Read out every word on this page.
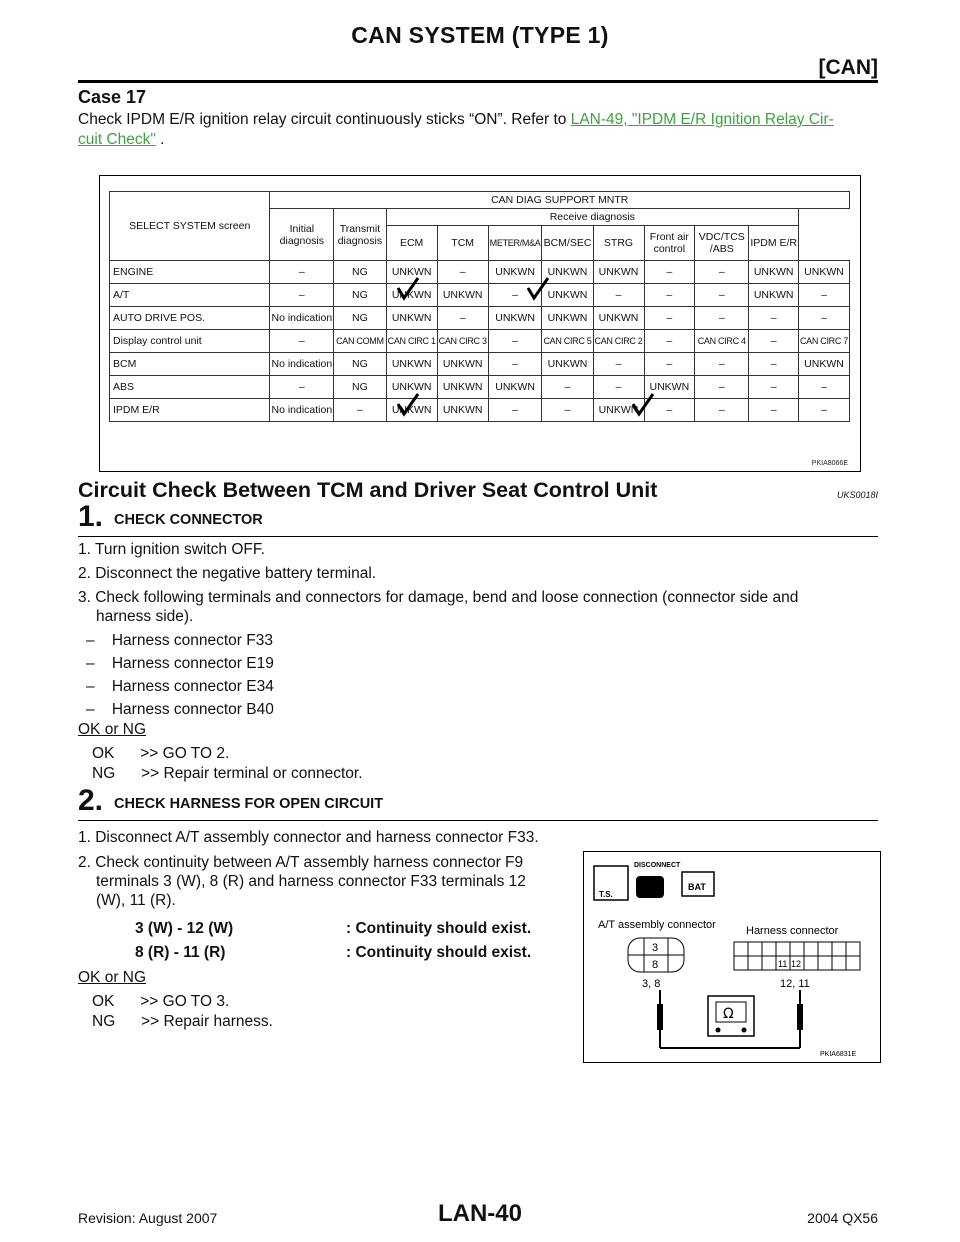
CAN SYSTEM (TYPE 1)
[CAN]
Case 17
Check IPDM E/R ignition relay circuit continuously sticks “ON”. Refer to LAN-49, "IPDM E/R Ignition Relay Cir-
cuit Check" .
SELECT SYSTEM screen	CAN DIAG SUPPORT MNTR										
	Initial diagnosis	Transmit diagnosis	Receive diagnosis								
			ECM	TCM	METER/M&A	BCM/SEC	STRG	Front air control	VDC/TCS /ABS	IPDM E/R	
ENGINE	–	NG	UNKWN	–	UNKWN	UNKWN	UNKWN	–	–	UNKWN	UNKWN
A/T	–	NG	UNKWN	UNKWN	–	UNKWN	–	–	–	UNKWN	–
AUTO DRIVE POS.	No indication	NG	UNKWN	–	UNKWN	UNKWN	UNKWN	–	–	–	–
Display control unit	–	CAN COMM	CAN CIRC 1	CAN CIRC 3	–	CAN CIRC 5	CAN CIRC 2	–	CAN CIRC 4	–	CAN CIRC 7
BCM	No indication	NG	UNKWN	UNKWN	–	UNKWN	–	–	–	–	UNKWN
ABS	–	NG	UNKWN	UNKWN	UNKWN	–	–	UNKWN	–	–	–
IPDM E/R	No indication	–	UNKWN	UNKWN	–	–	UNKWN	–	–	–	–
PKIA8066E
Circuit Check Between TCM and Driver Seat Control Unit	UKS0018I
1. CHECK CONNECTOR
1. Turn ignition switch OFF.
2. Disconnect the negative battery terminal.
3. Check following terminals and connectors for damage, bend and loose connection (connector side and
harness side).
–    Harness connector F33
–    Harness connector E19
–    Harness connector E34
–    Harness connector B40
OK or NG
OK      >> GO TO 2.
NG      >> Repair terminal or connector.
2. CHECK HARNESS FOR OPEN CIRCUIT
1. Disconnect A/T assembly connector and harness connector F33.
2. Check continuity between A/T assembly harness connector F9
terminals 3 (W), 8 (R) and harness connector F33 terminals 12
(W), 11 (R).
3 (W) - 12 (W)	: Continuity should exist.
8 (R) - 11 (R)	: Continuity should exist.
OK or NG
OK      >> GO TO 3.
NG      >> Repair harness.
T.S.
DISCONNECT
BAT
A/T assembly connector	Harness connector
3
8
3, 8
11 12
12, 11
Ω
PKIA6831E
Revision: August 2007	LAN-40	2004 QX56
